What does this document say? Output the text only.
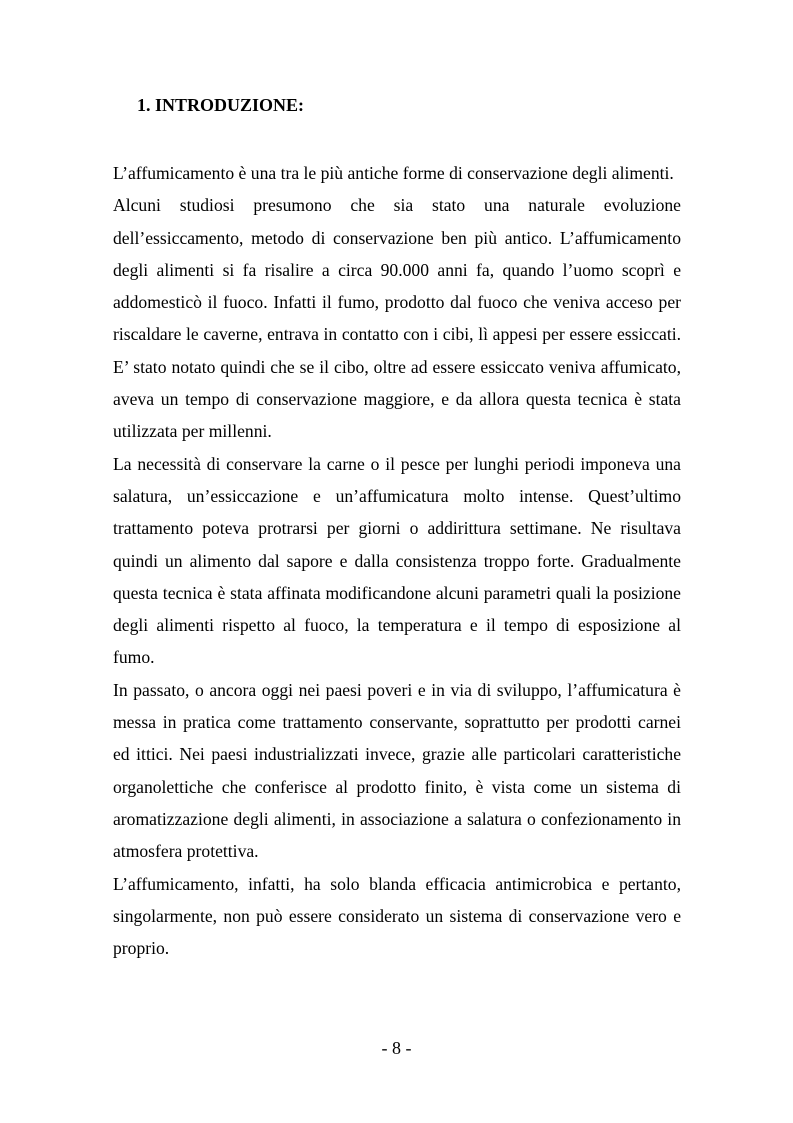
1. INTRODUZIONE:

L’affumicamento è una tra le più antiche forme di conservazione degli alimenti.

Alcuni studiosi presumono che sia stato una naturale evoluzione dell’essiccamento, metodo di conservazione ben più antico. L’affumicamento degli alimenti si fa risalire a circa 90.000 anni fa, quando l’uomo scoprì e addomesticò il fuoco. Infatti il fumo, prodotto dal fuoco che veniva acceso per riscaldare le caverne, entrava in contatto con i cibi, lì appesi per essere essiccati. E’ stato notato quindi che se il cibo, oltre ad essere essiccato veniva affumicato, aveva un tempo di conservazione maggiore, e da allora questa tecnica è stata utilizzata per millenni.

La necessità di conservare la carne o il pesce per lunghi periodi imponeva una salatura, un’essiccazione e un’affumicatura molto intense. Quest’ultimo trattamento poteva protrarsi per giorni o addirittura settimane. Ne risultava quindi un alimento dal sapore e dalla consistenza troppo forte. Gradualmente questa tecnica è stata affinata modificandone alcuni parametri quali la posizione degli alimenti rispetto al fuoco, la temperatura e il tempo di esposizione al fumo.

In passato, o ancora oggi nei paesi poveri e in via di sviluppo, l’affumicatura è messa in pratica come trattamento conservante, soprattutto per prodotti carnei ed ittici. Nei paesi industrializzati invece, grazie alle particolari caratteristiche organolettiche che conferisce al prodotto finito, è vista come un sistema di aromatizzazione degli alimenti, in associazione a salatura o confezionamento in atmosfera protettiva.

L’affumicamento, infatti, ha solo blanda efficacia antimicrobica e pertanto, singolarmente, non può essere considerato un sistema di conservazione vero e proprio.

- 8 -
